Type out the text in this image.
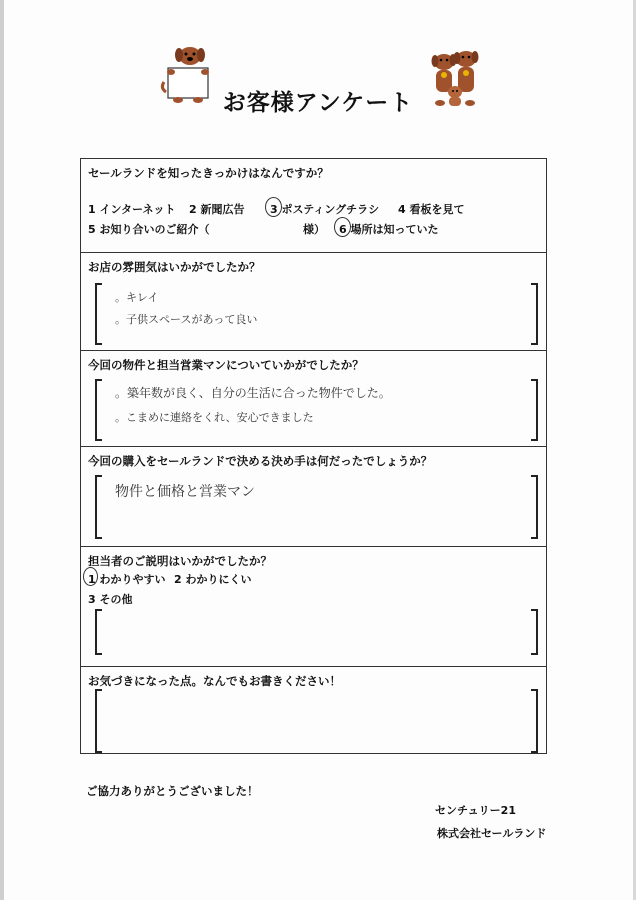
お客様アンケート
セールランドを知ったきっかけはなんですか？
1 インターネット 2 新聞広告 3 ポスティングチラシ 4 看板を見て
5 お知り合いのご紹介（	様） 6 場所は知っていた
お店の雰囲気はいかがでしたか？
。キレイ
。子供スペースがあって良い
今回の物件と担当営業マンについていかがでしたか？
。築年数が良く、自分の生活に合った物件でした。
。こまめに連絡をくれ、安心できました
今回の購入をセールランドで決める決め手は何だったでしょうか？
物件と価格と営業マン
担当者のご説明はいかがでしたか？
1 わかりやすい 2 わかりにくい
3 その他
お気づきになった点。なんでもお書きください！
ご協力ありがとうございました！
センチュリー21
株式会社セールランド
